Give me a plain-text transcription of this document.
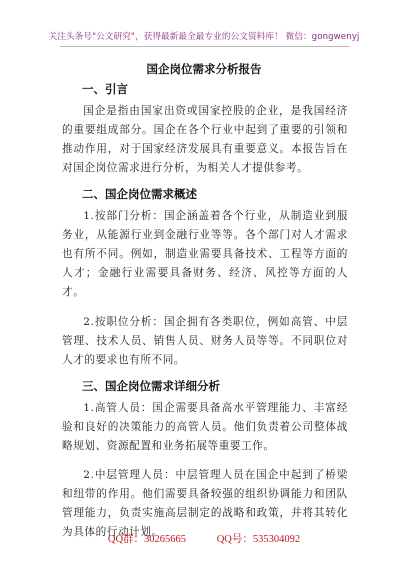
关注头条号"公文研究"，获得最新最全最专业的公文资料库！ 微信：gongwenyj
国企岗位需求分析报告
一、引言

国企是指由国家出资或国家控股的企业，是我国经济的重要组成部分。国企在各个行业中起到了重要的引领和推动作用，对于国家经济发展具有重要意义。本报告旨在对国企岗位需求进行分析，为相关人才提供参考。

二、国企岗位需求概述

1.按部门分析：国企涵盖着各个行业，从制造业到服务业，从能源行业到金融行业等等。各个部门对人才需求也有所不同。例如，制造业需要具备技术、工程等方面的人才；金融行业需要具备财务、经济、风控等方面的人才。

2.按职位分析：国企拥有各类职位，例如高管、中层管理、技术人员、销售人员、财务人员等等。不同职位对人才的要求也有所不同。

三、国企岗位需求详细分析

1.高管人员：国企需要具备高水平管理能力、丰富经验和良好的决策能力的高管人员。他们负责着公司整体战略规划、资源配置和业务拓展等重要工作。

2.中层管理人员：中层管理人员在国企中起到了桥梁和纽带的作用。他们需要具备较强的组织协调能力和团队管理能力，负责实施高层制定的战略和政策，并将其转化为具体的行动计划。

QQ群：30265665	QQ号：535304092
